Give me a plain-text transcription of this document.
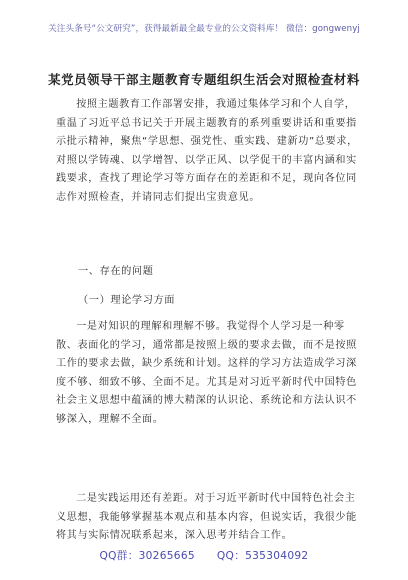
关注头条号“公文研究”，获得最新最全最专业的公文资料库！ 微信：gongwenyj
某党员领导干部主题教育专题组织生活会对照检查材料

按照主题教育工作部署安排，我通过集体学习和个人自学，重温了习近平总书记关于开展主题教育的系列重要讲话和重要指示批示精神，聚焦“学思想、强党性、重实践、建新功”总要求，对照以学铸魂、以学增智、以学正风、以学促干的丰富内涵和实践要求，查找了理论学习等方面存在的差距和不足，现向各位同志作对照检查，并请同志们提出宝贵意见。

一、存在的问题
（一）理论学习方面

一是对知识的理解和理解不够。我觉得个人学习是一种零散、表面化的学习，通常都是按照上级的要求去做，而不是按照工作的要求去做，缺少系统和计划。这样的学习方法造成学习深度不够、细致不够、全面不足。尤其是对习近平新时代中国特色社会主义思想中蕴涵的博大精深的认识论、系统论和方法认识不够深入，理解不全面。

二是实践运用还有差距。对于习近平新时代中国特色社会主义思想，我能够掌握基本观点和基本内容，但说实话，我很少能将其与实际情况联系起来，深入思考并结合工作。

QQ群：30265665 QQ：535304092
